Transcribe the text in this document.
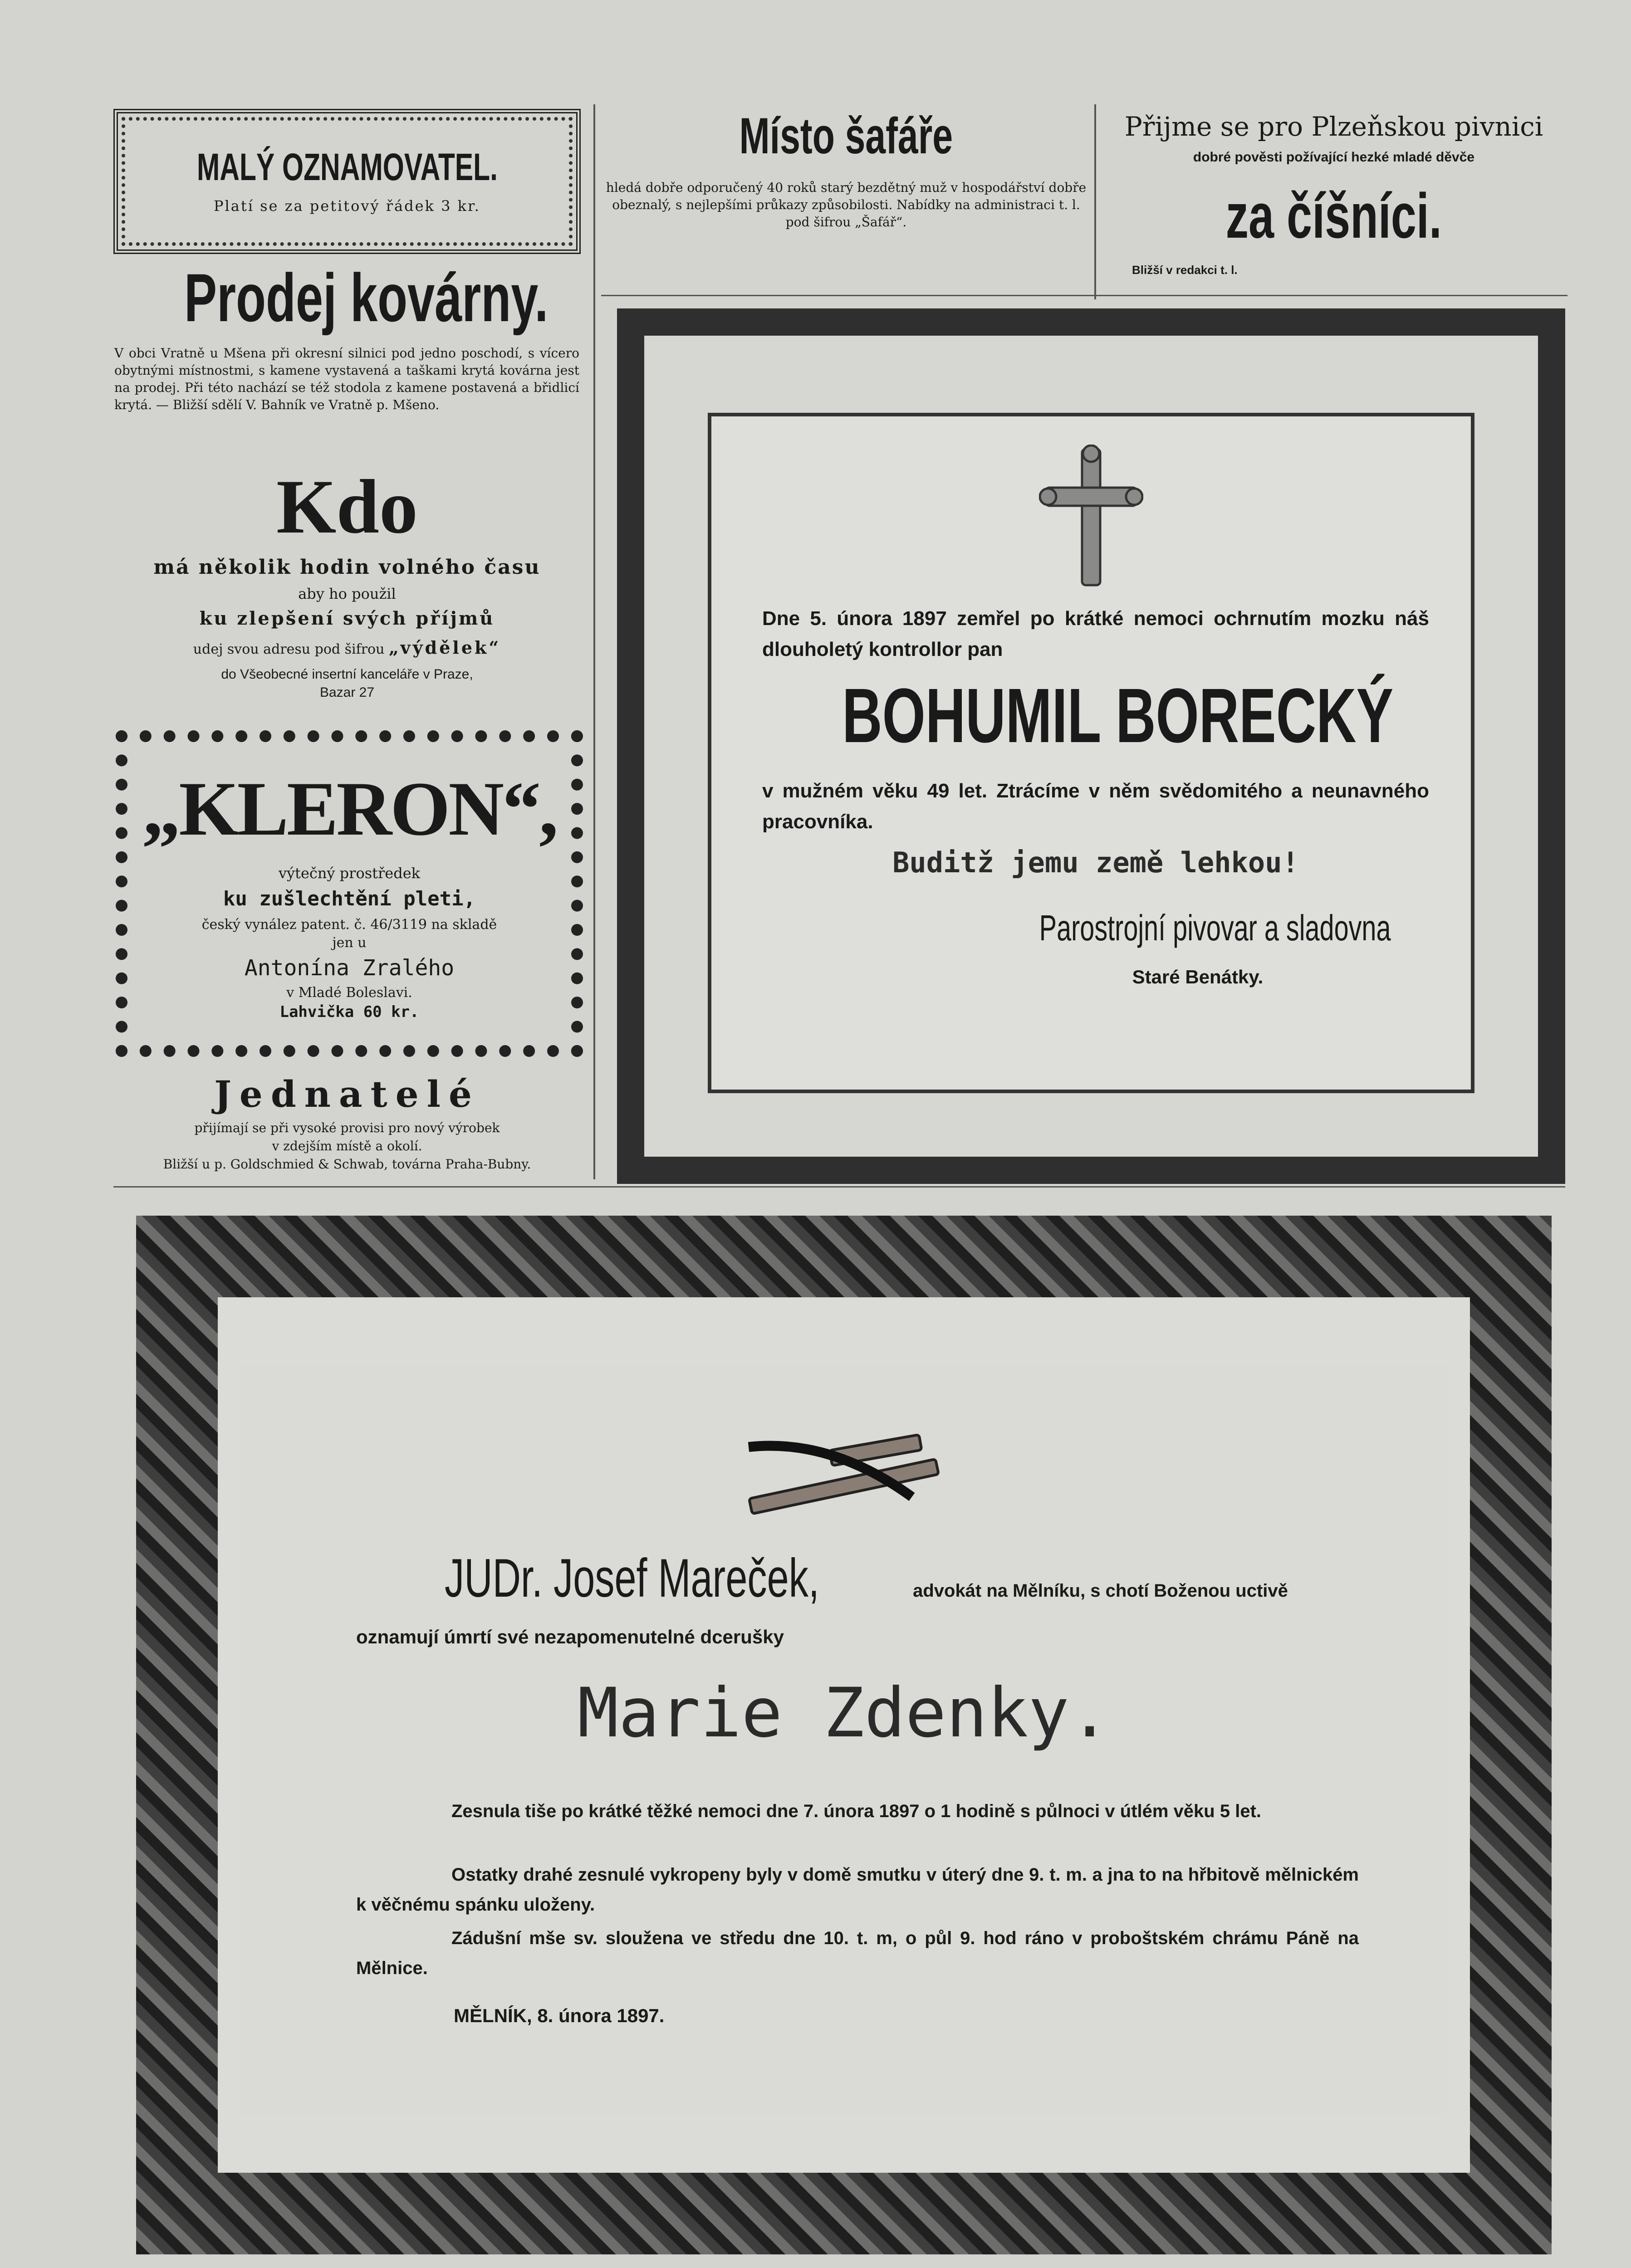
MALÝ OZNAMOVATEL.
Platí se za petitový řádek 3 kr.
Prodej kovárny.
V obci Vratně u Mšena při okresní silnici pod jedno poschodí, s vícero obytnými místnostmi, s kamene vystavená a taškami krytá kovárna jest na prodej. Při této nachází se též stodola z kamene postavená a břidlicí krytá. — Bližší sdělí V. Bahník ve Vratně p. Mšeno.
Kdo
má několik hodin volného času
aby ho použil
ku zlepšení svých příjmů
udej svou adresu pod šifrou „výdělek“
do Všeobecné insertní kanceláře v Praze,
Bazar 27
„KLERON“,
výtečný prostředek
ku zušlechtění pleti,
český vynález patent. č. 46/3119 na skladě
jen u
Antonína Zralého
v Mladé Boleslavi.
Lahvička 60 kr.
Jednatelé
přijímají se při vysoké provisi pro nový výrobek
v zdejším místě a okolí.
Bližší u p. Goldschmied & Schwab, továrna Praha-Bubny.
Místo šafáře
hledá dobře odporučený 40 roků starý bezdětný muž v hospodářství dobře obeznalý, s nejlepšími průkazy způsobilosti. Nabídky na administraci t. l. pod šifrou „Šafář“.
Přijme se pro Plzeňskou pivnici
dobré pověsti požívající hezké mladé děvče
za číšníci.
Bližší v redakci t. l.
Dne 5. února 1897 zemřel po krátké nemoci ochrnutím mozku náš dlouholetý kontrollor pan
BOHUMIL BORECKÝ
v mužném věku 49 let. Ztrácíme v něm svědomitého a neunavného pracovníka.
Buditž jemu země lehkou!
Parostrojní pivovar a sladovna
Staré Benátky.
JUDr. Josef Mareček,	advokát na Mělníku, s chotí Boženou uctivě
oznamují úmrtí své nezapomenutelné dcerušky
Marie Zdenky.
Zesnula tiše po krátké těžké nemoci dne 7. února 1897 o 1 hodině s půlnoci v útlém věku 5 let.
Ostatky drahé zesnulé vykropeny byly v domě smutku v úterý dne 9. t. m. a jna to na hřbitově mělnickém k věčnému spánku uloženy.
Zádušní mše sv. sloužena ve středu dne 10. t. m, o půl 9. hod ráno v proboštském chrámu Páně na Mělnice.
MĚLNÍK, 8. února 1897.
